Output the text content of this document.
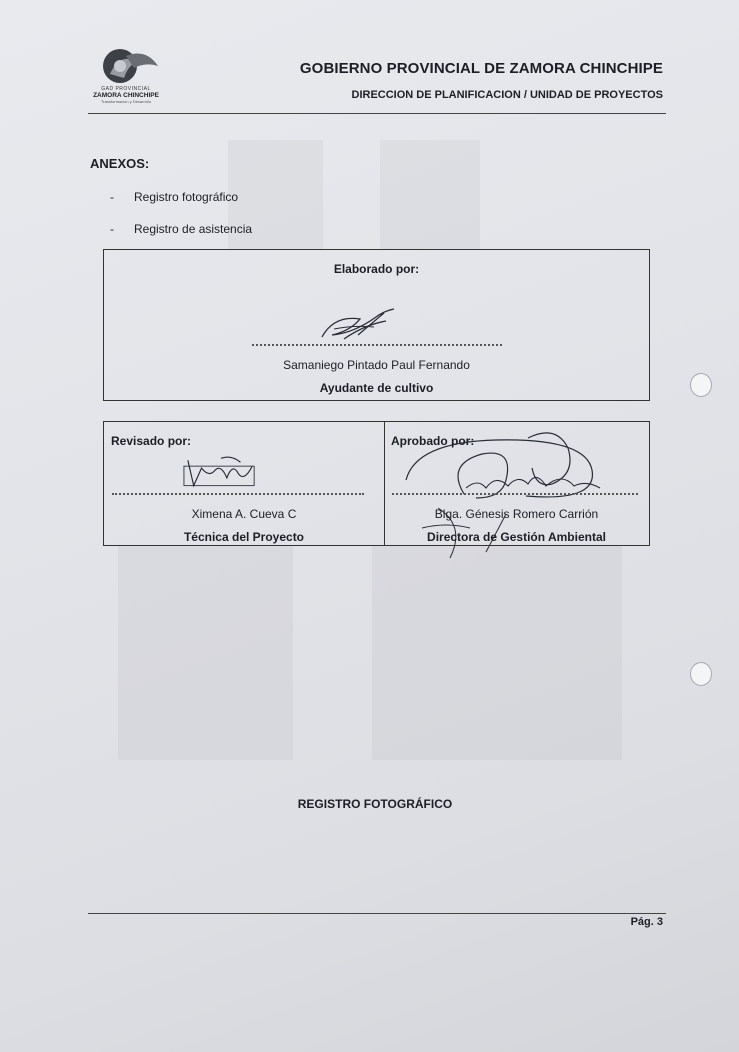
GAD PROVINCIAL
ZAMORA CHINCHIPE
Transformación y Desarrollo
GOBIERNO PROVINCIAL DE ZAMORA CHINCHIPE
DIRECCION DE PLANIFICACION / UNIDAD DE PROYECTOS
ANEXOS:
- Registro fotográfico
- Registro de asistencia
Elaborado por:
Samaniego Pintado Paul Fernando
Ayudante de cultivo
Revisado por:
Ximena A. Cueva C
Técnica del Proyecto
Aprobado por:
Blga. Génesis Romero Carrión
Directora de Gestión Ambiental
REGISTRO FOTOGRÁFICO
Pág. 3
